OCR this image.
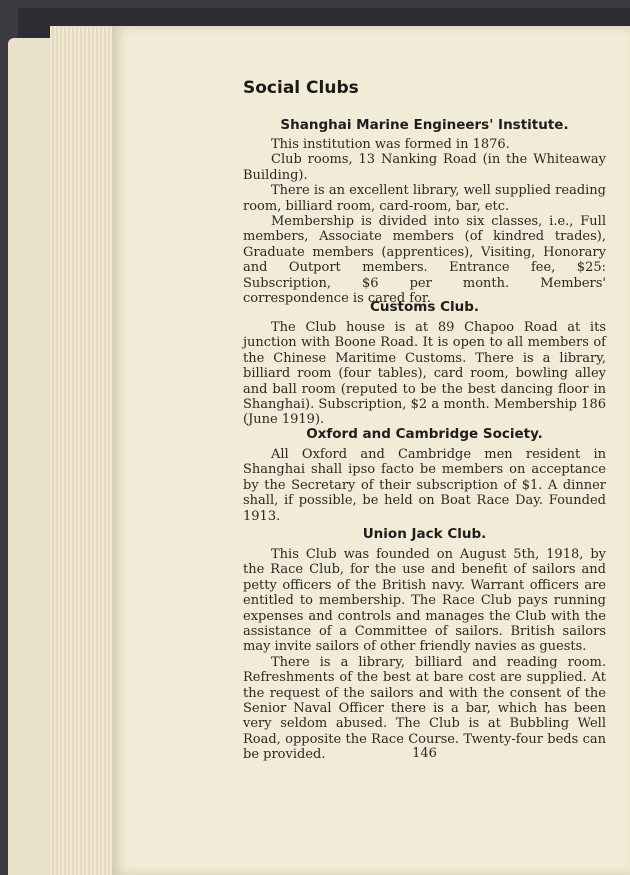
Social Clubs
Shanghai Marine Engineers' Institute.

This institution was formed in 1876.

Club rooms, 13 Nanking Road (in the Whiteaway Building).

There is an excellent library, well supplied reading room, billiard room, card-room, bar, etc.

Membership is divided into six classes, i.e., Full members, Associate members (of kindred trades), Graduate members (apprentices), Visiting, Honorary and Outport members. Entrance fee, $25: Subscription, $6 per month. Members' correspondence is cared for.

Customs Club.

The Club house is at 89 Chapoo Road at its junction with Boone Road. It is open to all members of the Chinese Maritime Customs. There is a library, billiard room (four tables), card room, bowling alley and ball room (reputed to be the best dancing floor in Shanghai). Subscription, $2 a month. Membership 186 (June 1919).

Oxford and Cambridge Society.

All Oxford and Cambridge men resident in Shanghai shall ipso facto be members on acceptance by the Secretary of their subscription of $1. A dinner shall, if possible, be held on Boat Race Day. Founded 1913.

Union Jack Club.

This Club was founded on August 5th, 1918, by the Race Club, for the use and benefit of sailors and petty officers of the British navy. Warrant officers are entitled to membership. The Race Club pays running expenses and controls and manages the Club with the assistance of a Committee of sailors. British sailors may invite sailors of other friendly navies as guests.

There is a library, billiard and reading room. Refreshments of the best at bare cost are supplied. At the request of the sailors and with the consent of the Senior Naval Officer there is a bar, which has been very seldom abused. The Club is at Bubbling Well Road, opposite the Race Course. Twenty-four beds can be provided.	146
